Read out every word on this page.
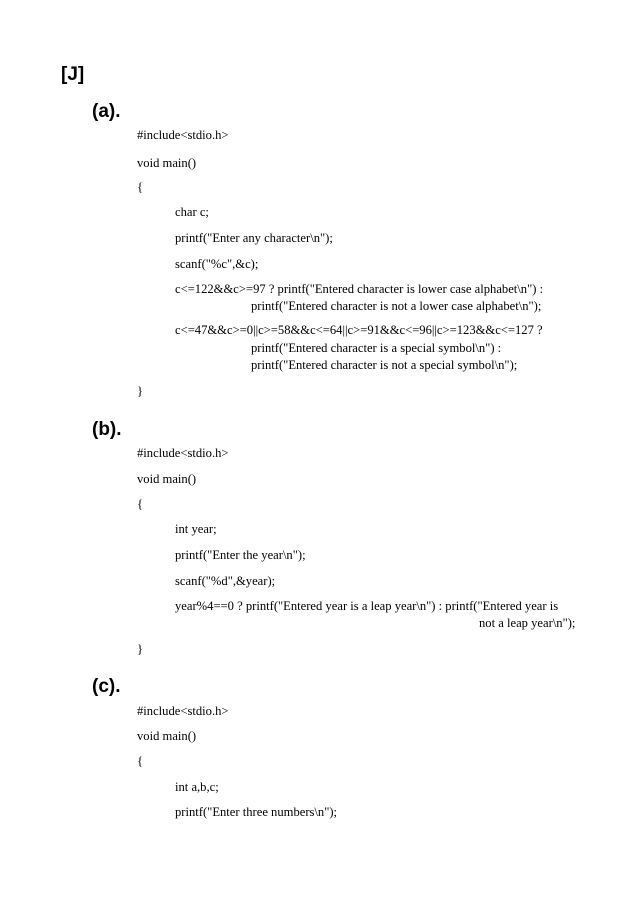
[J]
(a).
#include<stdio.h>
void main()
{
char c;
printf("Enter any character\n");
scanf("%c",&c);
c<=122&&c>=97 ? printf("Entered character is lower case alphabet\n") :
printf("Entered character is not a lower case alphabet\n");
c<=47&&c>=0||c>=58&&c<=64||c>=91&&c<=96||c>=123&&c<=127 ?
printf("Entered character is a special symbol\n") :
printf("Entered character is not a special symbol\n");
}
(b).
#include<stdio.h>
void main()
{
int year;
printf("Enter the year\n");
scanf("%d",&year);
year%4==0 ? printf("Entered year is a leap year\n") : printf("Entered year is
not a leap year\n");
}
(c).
#include<stdio.h>
void main()
{
int a,b,c;
printf("Enter three numbers\n");
